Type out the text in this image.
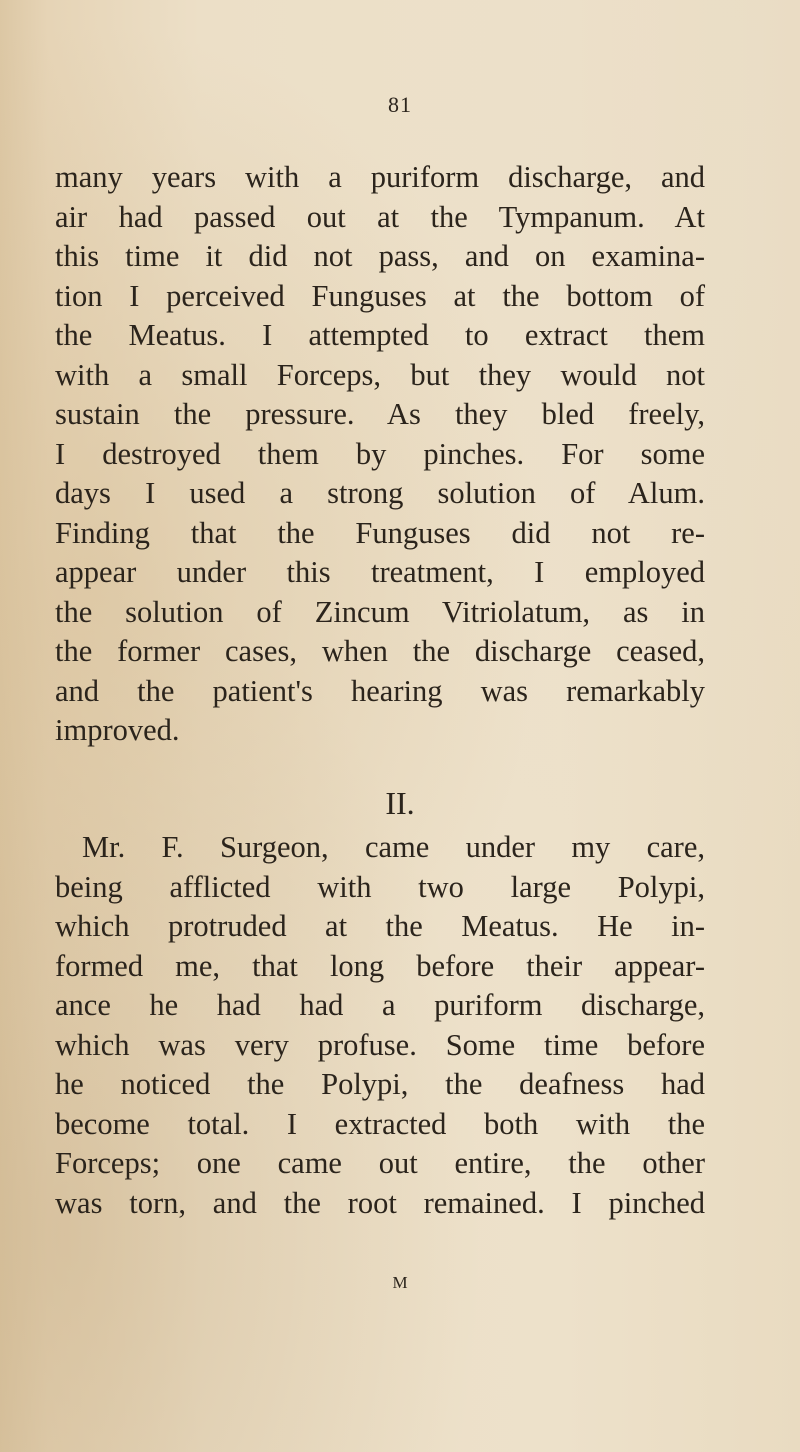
81
many years with a puriform discharge, and
air had passed out at the Tympanum. At
this time it did not pass, and on examina-
tion I perceived Funguses at the bottom of
the Meatus. I attempted to extract them
with a small Forceps, but they would not
sustain the pressure. As they bled freely,
I destroyed them by pinches. For some
days I used a strong solution of Alum.
Finding that the Funguses did not re-
appear under this treatment, I employed
the solution of Zincum Vitriolatum, as in
the former cases, when the discharge ceased,
and the patient's hearing was remarkably
improved.
II.
Mr. F. Surgeon, came under my care,
being afflicted with two large Polypi,
which protruded at the Meatus. He in-
formed me, that long before their appear-
ance he had had a puriform discharge,
which was very profuse. Some time before
he noticed the Polypi, the deafness had
become total. I extracted both with the
Forceps; one came out entire, the other
was torn, and the root remained. I pinched
M
